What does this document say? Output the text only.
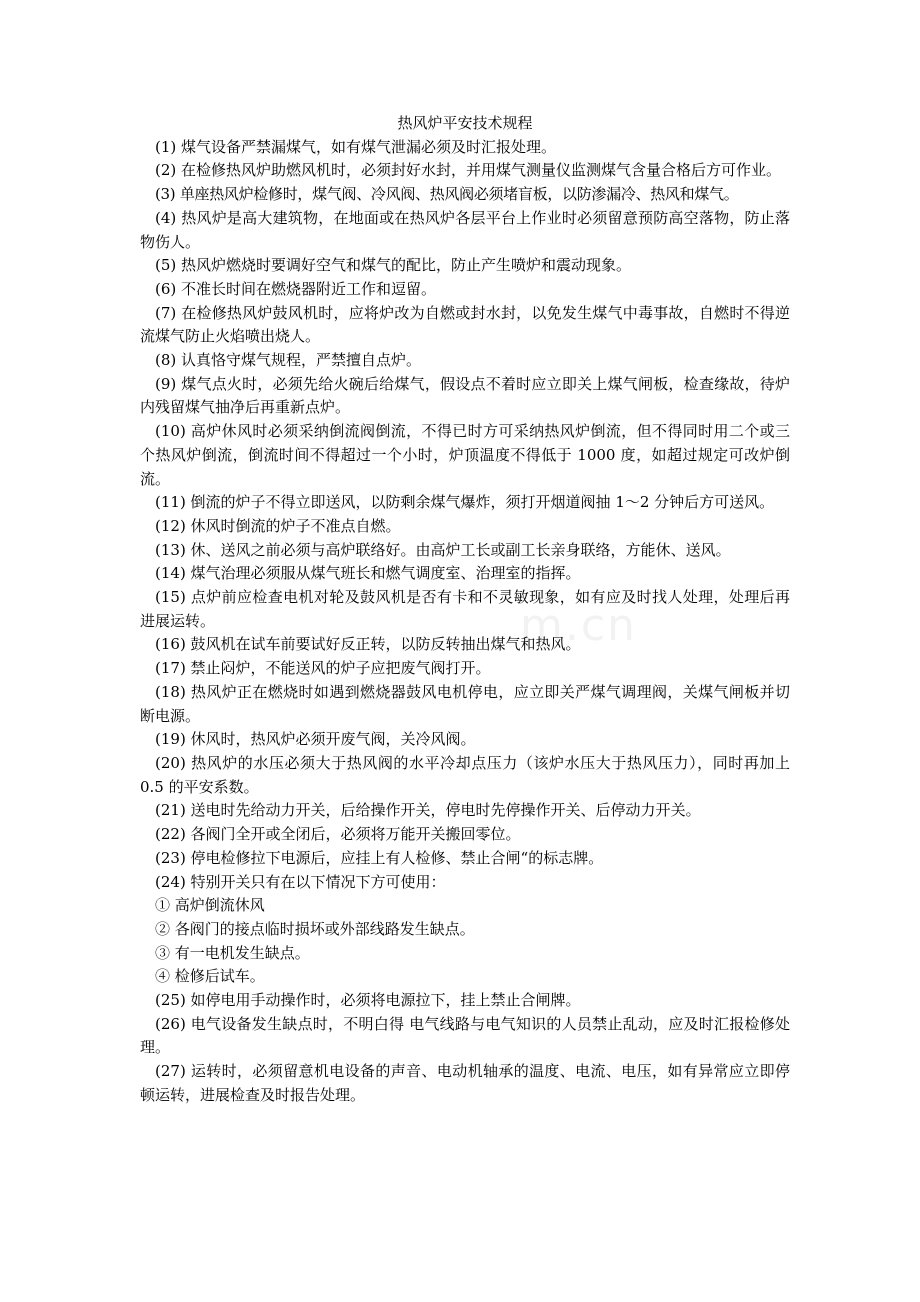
m.cn
热风炉平安技术规程

(1) 煤气设备严禁漏煤气，如有煤气泄漏必须及时汇报处理。

(2) 在检修热风炉助燃风机时，必须封好水封，并用煤气测量仪监测煤气含量合格后方可作业。

(3) 单座热风炉检修时，煤气阀、冷风阀、热风阀必须堵盲板，以防渗漏冷、热风和煤气。

(4) 热风炉是高大建筑物，在地面或在热风炉各层平台上作业时必须留意预防高空落物，防止落物伤人。

(5) 热风炉燃烧时要调好空气和煤气的配比，防止产生喷炉和震动现象。

(6) 不准长时间在燃烧器附近工作和逗留。

(7) 在检修热风炉鼓风机时，应将炉改为自燃或封水封，以免发生煤气中毒事故，自燃时不得逆流煤气防止火焰喷出烧人。

(8) 认真恪守煤气规程，严禁擅自点炉。

(9) 煤气点火时，必须先给火碗后给煤气，假设点不着时应立即关上煤气闸板，检查缘故，待炉内残留煤气抽净后再重新点炉。

(10) 高炉休风时必须采纳倒流阀倒流，不得已时方可采纳热风炉倒流，但不得同时用二个或三个热风炉倒流，倒流时间不得超过一个小时，炉顶温度不得低于 1000 度，如超过规定可改炉倒流。

(11) 倒流的炉子不得立即送风，以防剩余煤气爆炸，须打开烟道阀抽 1～2 分钟后方可送风。

(12) 休风时倒流的炉子不准点自燃。

(13) 休、送风之前必须与高炉联络好。由高炉工长或副工长亲身联络，方能休、送风。

(14) 煤气治理必须服从煤气班长和燃气调度室、治理室的指挥。

(15) 点炉前应检查电机对轮及鼓风机是否有卡和不灵敏现象，如有应及时找人处理，处理后再进展运转。

(16) 鼓风机在试车前要试好反正转，以防反转抽出煤气和热风。

(17) 禁止闷炉，不能送风的炉子应把废气阀打开。

(18) 热风炉正在燃烧时如遇到燃烧器鼓风电机停电，应立即关严煤气调理阀，关煤气闸板并切断电源。

(19) 休风时，热风炉必须开废气阀，关冷风阀。

(20) 热风炉的水压必须大于热风阀的水平冷却点压力（该炉水压大于热风压力），同时再加上 0.5 的平安系数。

(21) 送电时先给动力开关，后给操作开关，停电时先停操作开关、后停动力开关。

(22) 各阀门全开或全闭后，必须将万能开关搬回零位。

(23) 停电检修拉下电源后，应挂上有人检修、禁止合闸“的标志牌。

(24) 特别开关只有在以下情况下方可使用：

① 高炉倒流休风

② 各阀门的接点临时损坏或外部线路发生缺点。

③ 有一电机发生缺点。

④ 检修后试车。

(25) 如停电用手动操作时，必须将电源拉下，挂上禁止合闸牌。

(26) 电气设备发生缺点时，不明白得 电气线路与电气知识的人员禁止乱动，应及时汇报检修处理。

(27) 运转时，必须留意机电设备的声音、电动机轴承的温度、电流、电压，如有异常应立即停顿运转，进展检查及时报告处理。
